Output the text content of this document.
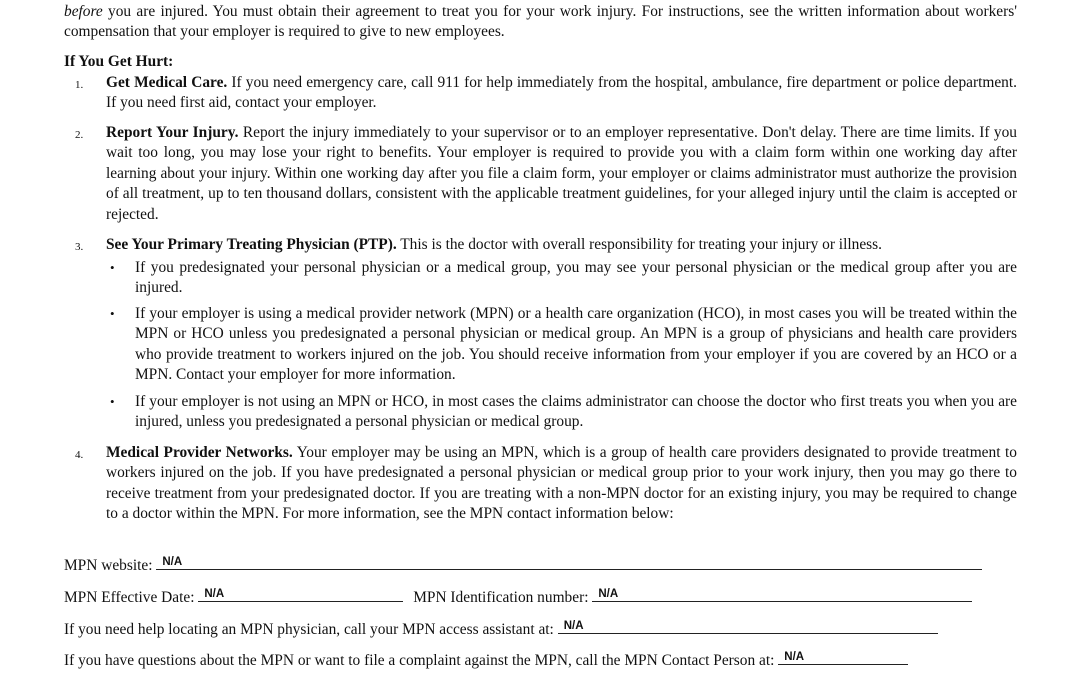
before you are injured. You must obtain their agreement to treat you for your work injury. For instructions, see the written information about workers' compensation that your employer is required to give to new employees.
If You Get Hurt:
1. Get Medical Care. If you need emergency care, call 911 for help immediately from the hospital, ambulance, fire department or police department. If you need first aid, contact your employer.
2. Report Your Injury. Report the injury immediately to your supervisor or to an employer representative. Don't delay. There are time limits. If you wait too long, you may lose your right to benefits. Your employer is required to provide you with a claim form within one working day after learning about your injury. Within one working day after you file a claim form, your employer or claims administrator must authorize the provision of all treatment, up to ten thousand dollars, consistent with the applicable treatment guidelines, for your alleged injury until the claim is accepted or rejected.
3. See Your Primary Treating Physician (PTP). This is the doctor with overall responsibility for treating your injury or illness.
• If you predesignated your personal physician or a medical group, you may see your personal physician or the medical group after you are injured.
• If your employer is using a medical provider network (MPN) or a health care organization (HCO), in most cases you will be treated within the MPN or HCO unless you predesignated a personal physician or medical group. An MPN is a group of physicians and health care providers who provide treatment to workers injured on the job. You should receive information from your employer if you are covered by an HCO or a MPN. Contact your employer for more information.
• If your employer is not using an MPN or HCO, in most cases the claims administrator can choose the doctor who first treats you when you are injured, unless you predesignated a personal physician or medical group.
4. Medical Provider Networks. Your employer may be using an MPN, which is a group of health care providers designated to provide treatment to workers injured on the job. If you have predesignated a personal physician or medical group prior to your work injury, then you may go there to receive treatment from your predesignated doctor. If you are treating with a non-MPN doctor for an existing injury, you may be required to change to a doctor within the MPN. For more information, see the MPN contact information below:
MPN website: N/A
MPN Effective Date: N/A	MPN Identification number: N/A
If you need help locating an MPN physician, call your MPN access assistant at: N/A
If you have questions about the MPN or want to file a complaint against the MPN, call the MPN Contact Person at: N/A
